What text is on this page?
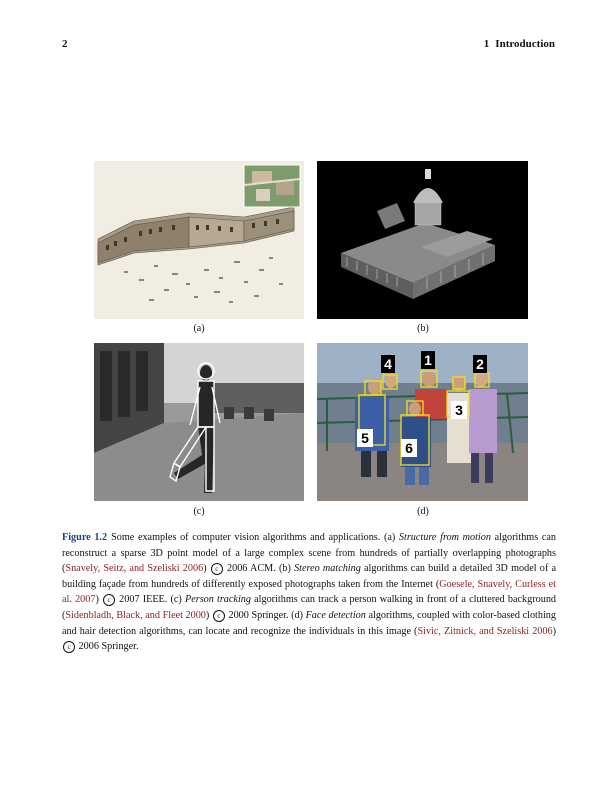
2	1 Introduction
(a)	(b)
4 1	2
3
5
6
(c)	(d)
Figure 1.2 Some examples of computer vision algorithms and applications. (a) Structure from motion algorithms can reconstruct a sparse 3D point model of a large complex scene from hundreds of partially overlapping photographs (Snavely, Seitz, and Szeliski 2006) c 2006 ACM. (b) Stereo matching algorithms can build a detailed 3D model of a building façade from hundreds of differently exposed photographs taken from the Internet (Goesele, Snavely, Curless et al. 2007) c 2007 IEEE. (c) Person tracking algorithms can track a person walking in front of a cluttered background (Sidenbladh, Black, and Fleet 2000) c 2000 Springer. (d) Face detection algorithms, coupled with color-based clothing and hair detection algorithms, can locate and recognize the individuals in this image (Sivic, Zitnick, and Szeliski 2006) c 2006 Springer.
